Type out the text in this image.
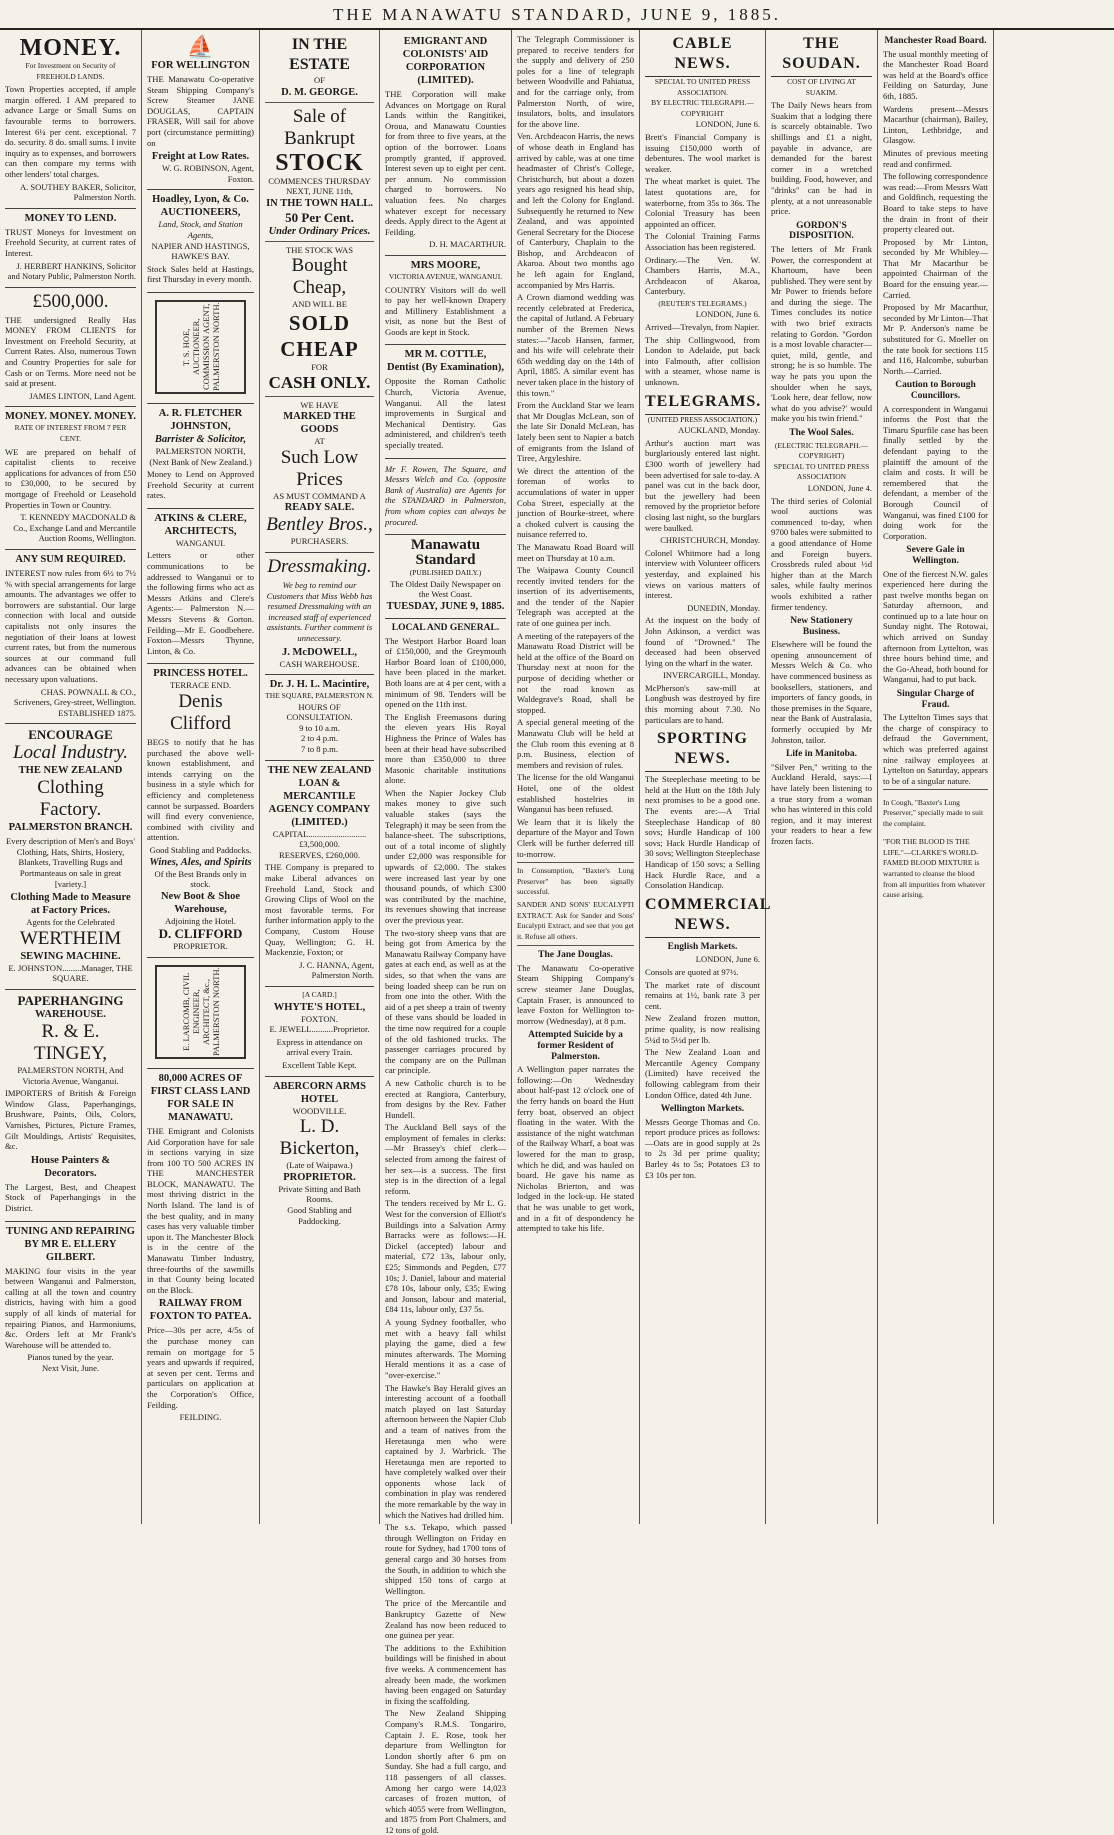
THE MANAWATU STANDARD, JUNE 9, 1885.
MONEY.
For Investment on Security of FREEHOLD LANDS.

Town Properties accepted, if ample margin offered. I AM prepared to advance Large or Small Sums on favourable terms to borrowers. Interest 6¼ per cent. exceptional. 7 do. security. 8 do. small sums. I invite inquiry as to expenses, and borrowers can then compare my terms with other lenders' total charges.

A. SOUTHEY BAKER, Solicitor, Palmerston North.
MONEY TO LEND.

TRUST Moneys for Investment on Freehold Security, at current rates of Interest.

J. HERBERT HANKINS, Solicitor and Notary Public, Palmerston North.
£500,000.

THE undersigned Really Has MONEY FROM CLIENTS for Investment on Freehold Security, at Current Rates. Also, numerous Town and Country Properties for sale for Cash or on Terms. More need not be said at present.

JAMES LINTON, Land Agent.
MONEY. MONEY. MONEY.
RATE OF INTEREST FROM 7 PER CENT.

WE are prepared on behalf of capitalist clients to receive applications for advances of from £50 to £30,000, to be secured by mortgage of Freehold or Leasehold Properties in Town or Country.

T. KENNEDY MACDONALD & Co., Exchange Land and Mercantile Auction Rooms, Wellington.
ANY SUM REQUIRED.

INTEREST now rules from 6½ to 7½ % with special arrangements for large amounts. The advantages we offer to borrowers are substantial. Our large connection with local and outside capitalists not only insures the negotiation of their loans at lowest current rates, but from the numerous sources at our command full advances can be obtained when necessary upon valuations.

CHAS. POWNALL & CO., Scriveners, Grey-street, Wellington. ESTABLISHED 1875.
ENCOURAGE
Local Industry.
THE NEW ZEALAND
Clothing Factory.
PALMERSTON BRANCH.

Every description of Men's and Boys' Clothing, Hats, Shirts, Hosiery, Blankets, Travelling Rugs and Portmanteaus on sale in great [variety.]

Clothing Made to Measure at Factory Prices.
Agents for the Celebrated
WERTHEIM
SEWING MACHINE.
E. JOHNSTON.........Manager, THE SQUARE.
PAPERHANGING
WAREHOUSE.
R. & E. TINGEY,
PALMERSTON NORTH, And Victoria Avenue, Wanganui.

IMPORTERS of British & Foreign Window Glass, Paperhangings, Brushware, Paints, Oils, Colors, Varnishes, Pictures, Picture Frames, Gilt Mouldings, Artists' Requisites, &c.

House Painters & Decorators.

The Largest, Best, and Cheapest Stock of Paperhangings in the District.

TUNING AND REPAIRING
BY MR E. ELLERY GILBERT.

MAKING four visits in the year between Wanganui and Palmerston, calling at all the town and country districts, having with him a good supply of all kinds of material for repairing Pianos, and Harmoniums, &c. Orders left at Mr Frank's Warehouse will be attended to.

Pianos tuned by the year.
Next Visit, June.
⛵
FOR WELLINGTON

THE Manawatu Co-operative Steam Shipping Company's Screw Steamer JANE DOUGLAS, CAPTAIN FRASER, Will sail for above port (circumstance permitting) on

Freight at Low Rates.
W. G. ROBINSON, Agent, Foxton.
Hoadley, Lyon, & Co.
AUCTIONEERS,
Land, Stock, and Station Agents,
NAPIER AND HASTINGS, HAWKE'S BAY.

Stock Sales held at Hastings, first Thursday in every month.

T. S. HOE, AUCTIONEER, COMMISSION AGENT, PALMERSTON NORTH.
A. R. FLETCHER JOHNSTON,
Barrister & Solicitor,
PALMERSTON NORTH, (Next Bank of New Zealand.)

Money to Lend on Approved Freehold Security at current rates.

ATKINS & CLERE,
ARCHITECTS,
WANGANUI.

Letters or other communications to be addressed to Wanganui or to the following firms who act as Messrs Atkins and Clere's Agents:— Palmerston N.—Messrs Stevens & Gorton. Feilding—Mr E. Goodbehere. Foxton—Messrs Thynne, Linton, & Co.

PRINCESS HOTEL.
TERRACE END.
Denis Clifford

BEGS to notify that he has purchased the above well-known establishment, and intends carrying on the business in a style which for efficiency and completeness cannot be surpassed. Boarders will find every convenience, combined with civility and attention.

Good Stabling and Paddocks.
Wines, Ales, and Spirits
Of the Best Brands only in stock.
New Boot & Shoe Warehouse,
Adjoining the Hotel.
D. CLIFFORD
PROPRIETOR.
E. LARCOMB, CIVIL ENGINEER, ARCHITECT, &c., PALMERSTON NORTH.
80,000 ACRES OF FIRST CLASS LAND FOR SALE IN MANAWATU.

THE Emigrant and Colonists Aid Corporation have for sale in sections varying in size from 100 TO 500 ACRES IN THE MANCHESTER BLOCK, MANAWATU. The most thriving district in the North Island. The land is of the best quality, and in many cases has very valuable timber upon it. The Manchester Block is in the centre of the Manawatu Timber Industry, three-fourths of the sawmills in that County being located on the Block.

RAILWAY FROM FOXTON TO PATEA.

Price—30s per acre, 4/5s of the purchase money can remain on mortgage for 5 years and upwards if required, at seven per cent. Terms and particulars on application at the Corporation's Office, Feilding.

FEILDING.
IN THE ESTATE
OF
D. M. GEORGE.
Sale of Bankrupt
STOCK
COMMENCES THURSDAY NEXT, JUNE 11th,
IN THE TOWN HALL.
50 Per Cent.
Under Ordinary Prices.
THE STOCK WAS
Bought Cheap,
AND WILL BE
SOLD CHEAP
FOR
CASH ONLY.
WE HAVE
MARKED THE GOODS
AT
Such Low Prices
AS MUST COMMAND A
READY SALE.
Bentley Bros.,
PURCHASERS.
Dressmaking.

We beg to remind our Customers that Miss Webb has resumed Dressmaking with an increased staff of experienced assistants. Further comment is unnecessary.

J. McDOWELL,
CASH WAREHOUSE.
Dr. J. H. L. Macintire,
THE SQUARE, PALMERSTON N.
HOURS OF CONSULTATION.
9 to 10 a.m.
2 to 4 p.m.
7 to 8 p.m.
THE NEW ZEALAND LOAN & MERCANTILE AGENCY COMPANY (LIMITED.)
CAPITAL...........................£3,500,000.
RESERVES, £260,000.

THE Company is prepared to make Liberal advances on Freehold Land, Stock and Growing Clips of Wool on the most favorable terms. For further information apply to the Company, Custom House Quay, Wellington; G. H. Mackenzie, Foxton; or

J. C. HANNA, Agent, Palmerston North.
[A CARD.]
WHYTE'S HOTEL,
FOXTON.
E. JEWELL..........Proprietor.

Express in attendance on arrival every Train.

Excellent Table Kept.
ABERCORN ARMS HOTEL
WOODVILLE.
L. D. Bickerton,
(Late of Waipawa.)
PROPRIETOR.
Private Sitting and Bath Rooms.
Good Stabling and Paddocking.
EMIGRANT AND COLONISTS' AID CORPORATION (LIMITED).

THE Corporation will make Advances on Mortgage on Rural Lands within the Rangitikei, Oroua, and Manawatu Counties for from three to five years, at the option of the borrower. Loans promptly granted, if approved. Interest seven up to eight per cent. per annum. No commission charged to borrowers. No valuation fees. No charges whatever except for necessary deeds. Apply direct to the Agent at Feilding.

D. H. MACARTHUR.
MRS MOORE,
VICTORIA AVENUE, WANGANUI.

COUNTRY Visitors will do well to pay her well-known Drapery and Millinery Establishment a visit, as none but the Best of Goods are kept in Stock.

MR M. COTTLE,
Dentist (By Examination),

Opposite the Roman Catholic Church, Victoria Avenue, Wanganui. All the latest improvements in Surgical and Mechanical Dentistry. Gas administered, and children's teeth specially treated.

Mr F. Rowen, The Square, and Messrs Welch and Co. (opposite Bank of Australia) are Agents for the STANDARD in Palmerston, from whom copies can always be procured.

Manawatu Standard
(PUBLISHED DAILY.)
The Oldest Daily Newspaper on the West Coast.
TUESDAY, JUNE 9, 1885.
LOCAL AND GENERAL.

The Westport Harbor Board loan of £150,000, and the Greymouth Harbor Board loan of £100,000, have been placed in the market. Both loans are at 4 per cent, with a minimum of 98. Tenders will be opened on the 11th inst.

The English Freemasons during the eleven years His Royal Highness the Prince of Wales has been at their head have subscribed more than £350,000 to three Masonic charitable institutions alone.

When the Napier Jockey Club makes money to give such valuable stakes (says the Telegraph) it may be seen from the balance-sheet. The subscriptions, out of a total income of slightly under £2,000 was responsible for upwards of £2,000. The stakes were increased last year by one thousand pounds, of which £300 was contributed by the machine, its revenues showing that increase over the previous year.

The two-story sheep vans that are being got from America by the Manawatu Railway Company have gates at each end, as well as at the sides, so that when the vans are being loaded sheep can be run on from one into the other. With the aid of a pet sheep a train of twenty of these vans should be loaded in the time now required for a couple of the old fashioned trucks. The passenger carriages procured by the company are on the Pullman car principle.

A new Catholic church is to be erected at Rangiora, Canterbury, from designs by the Rev. Father Hundell.

The Auckland Bell says of the employment of females in clerks:—Mr Brassey's chief clerk—selected from among the fairest of her sex—is a success. The first step is in the direction of a legal reform.

The tenders received by Mr L. G. West for the conversion of Elliott's Buildings into a Salvation Army Barracks were as follows:—H. Dickel (accepted) labour and material, £72 13s, labour only, £25; Simmonds and Pegden, £77 10s; J. Daniel, labour and material £78 10s, labour only, £35; Ewing and Jonson, labour and material, £84 11s, labour only, £37 5s.

A young Sydney footballer, who met with a heavy fall whilst playing the game, died a few minutes afterwards. The Morning Herald mentions it as a case of "over-exercise."

The Hawke's Bay Herald gives an interesting account of a football match played on last Saturday afternoon between the Napier Club and a team of natives from the Heretaunga men who were captained by J. Warbrick. The Heretaunga men are reported to have completely walked over their opponents whose lack of combination in play was rendered the more remarkable by the way in which the Natives had drilled him.

The s.s. Tekapo, which passed through Wellington on Friday en route for Sydney, had 1700 tons of general cargo and 30 horses from the South, in addition to which she shipped 150 tons of cargo at Wellington.

The price of the Mercantile and Bankruptcy Gazette of New Zealand has now been reduced to one guinea per year.

The additions to the Exhibition buildings will be finished in about five weeks. A commencement has already been made, the workmen having been engaged on Saturday in fixing the scaffolding.

The New Zealand Shipping Company's R.M.S. Tongariro, Captain J. E. Rose, took her departure from Wellington for London shortly after 6 pm on Sunday. She had a full cargo, and 118 passengers of all classes. Among her cargo were 14,023 carcases of frozen mutton, of which 4055 were from Wellington, and 1875 from Port Chalmers, and 12 tons of gold.

The Telegraph Commissioner is prepared to receive tenders for the supply and delivery of 250 poles for a line of telegraph between Woodville and Pahiatua, and for the carriage only, from Palmerston North, of wire, insulators, bolts, and insulators for the above line.

Ven. Archdeacon Harris, the news of whose death in England has arrived by cable, was at one time headmaster of Christ's College, Christchurch, but about a dozen years ago resigned his head ship, and left the Colony for England. Subsequently he returned to New Zealand, and was appointed General Secretary for the Diocese of Canterbury, Chaplain to the Bishop, and Archdeacon of Akaroa. About two months ago he left again for England, accompanied by Mrs Harris.

A Crown diamond wedding was recently celebrated at Frederica, the capital of Jutland. A February number of the Bremen News states:—"Jacob Hansen, farmer, and his wife will celebrate their 65th wedding day on the 14th of April, 1885. A similar event has never taken place in the history of this town."

From the Auckland Star we learn that Mr Douglas McLean, son of the late Sir Donald McLean, has lately been sent to Napier a batch of emigrants from the Island of Tiree, Argyleshire.

We direct the attention of the foreman of works to accumulations of water in upper Coba Street, especially at the junction of Bourke-street, where a choked culvert is causing the nuisance referred to.

The Manawatu Road Board will meet on Thursday at 10 a.m.

The Waipawa County Council recently invited tenders for the insertion of its advertisements, and the tender of the Napier Telegraph was accepted at the rate of one guinea per inch.

A meeting of the ratepayers of the Manawatu Road District will be held at the office of the Board on Thursday next at noon for the purpose of deciding whether or not the road known as Waldegrave's Road, shall be stopped.

A special general meeting of the Manawatu Club will be held at the Club room this evening at 8 p.m. Business, election of members and revision of rules.

The license for the old Wanganui Hotel, one of the oldest established hostelries in Wanganui has been refused.

We learn that it is likely the departure of the Mayor and Town Clerk will be further deferred till to-morrow.

In Consumption, "Baxter's Lung Preserver" has been signally successful.

SANDER AND SONS' EUCALYPTI EXTRACT. Ask for Sander and Sons' Eucalypti Extract, and see that you get it. Refuse all others.

The Jane Douglas.

The Manawatu Co-operative Steam Shipping Company's screw steamer Jane Douglas, Captain Fraser, is announced to leave Foxton for Wellington to-morrow (Wednesday), at 8 p.m.

Attempted Suicide by a former Resident of Palmerston.

A Wellington paper narrates the following:—On Wednesday about half-past 12 o'clock one of the ferry hands on board the Hutt ferry boat, observed an object floating in the water. With the assistance of the night watchman of the Railway Wharf, a boat was lowered for the man to grasp, which he did, and was hauled on board. He gave his name as Nicholas Brierton, and was lodged in the lock-up. He stated that he was unable to get work, and in a fit of despondency he attempted to take his life.

CABLE NEWS.
SPECIAL TO UNITED PRESS ASSOCIATION.
BY ELECTRIC TELEGRAPH.—COPYRIGHT
LONDON, June 6.

Brett's Financial Company is issuing £150,000 worth of debentures. The wool market is weaker.

The wheat market is quiet. The latest quotations are, for waterborne, from 35s to 36s. The Colonial Treasury has been appointed an officer.

The Colonial Training Farms Association has been registered.

Ordinary.—The Ven. W. Chambers Harris, M.A., Archdeacon of Akaroa, Canterbury.

(REUTER'S TELEGRAMS.)
LONDON, June 6.

Arrived—Trevalyn, from Napier.

The ship Collingwood, from London to Adelaide, put back into Falmouth, after collision with a steamer, whose name is unknown.

TELEGRAMS.
(UNITED PRESS ASSOCIATION.)
AUCKLAND, Monday.

Arthur's auction mart was burglariously entered last night. £300 worth of jewellery had been advertised for sale to-day. A panel was cut in the back door, but the jewellery had been removed by the proprietor before closing last night, so the burglars were baulked.

CHRISTCHURCH, Monday.

Colonel Whitmore had a long interview with Volunteer officers yesterday, and explained his views on various matters of interest.

DUNEDIN, Monday.

At the inquest on the body of John Atkinson, a verdict was found of "Drowned." The deceased had been observed lying on the wharf in the water.

INVERCARGILL, Monday.

McPherson's saw-mill at Longbush was destroyed by fire this morning about 7.30. No particulars are to hand.

SPORTING NEWS.

The Steeplechase meeting to be held at the Hutt on the 18th July next promises to be a good one. The events are:—A Trial Steeplechase Handicap of 80 sovs; Hurdle Handicap of 100 sovs; Hack Hurdle Handicap of 30 sovs; Wellington Steeplechase Handicap of 150 sovs; a Selling Hack Hurdle Race, and a Consolation Handicap.

COMMERCIAL NEWS.
English Markets.
LONDON, June 6.

Consols are quoted at 97½.

The market rate of discount remains at 1½, bank rate 3 per cent.

New Zealand frozen mutton, prime quality, is now realising 5¼d to 5½d per lb.

The New Zealand Loan and Mercantile Agency Company (Limited) have received the following cablegram from their London Office, dated 4th June.

Wellington Markets.

Messrs George Thomas and Co. report produce prices as follows:—Oats are in good supply at 2s to 2s 3d per prime quality; Barley 4s to 5s; Potatoes £3 to £3 10s per ton.

THE SOUDAN.
COST OF LIVING AT SUAKIM.

The Daily News hears from Suakim that a lodging there is scarcely obtainable. Two shillings and £1 a night, payable in advance, are demanded for the barest corner in a wretched building. Food, however, and "drinks" can be had in plenty, at a not unreasonable price.

GORDON'S DISPOSITION.

The letters of Mr Frank Power, the correspondent at Khartoum, have been published. They were sent by Mr Power to friends before and during the siege. The Times concludes its notice with two brief extracts relating to Gordon. "Gordon is a most lovable character—quiet, mild, gentle, and strong; he is so humble. The way he pats you upon the shoulder when he says, 'Look here, dear fellow, now what do you advise?' would make you his twin friend."

The Wool Sales.
(ELECTRIC TELEGRAPH.—COPYRIGHT)
SPECIAL TO UNITED PRESS ASSOCIATION
LONDON, June 4.

The third series of Colonial wool auctions was commenced to-day, when 9700 bales were submitted to a good attendance of Home and Foreign buyers. Crossbreds ruled about ½d higher than at the March sales, while faulty merinos wools exhibited a rather firmer tendency.

New Stationery Business.

Elsewhere will be found the opening announcement of Messrs Welch & Co. who have commenced business as booksellers, stationers, and importers of fancy goods, in those premises in the Square, near the Bank of Australasia, formerly occupied by Mr Johnston, tailor.

Life in Manitoba.

"Silver Pen," writing to the Auckland Herald, says:—I have lately been listening to a true story from a woman who has wintered in this cold region, and it may interest your readers to hear a few frozen facts.

Manchester Road Board.

The usual monthly meeting of the Manchester Road Board was held at the Board's office Feilding on Saturday, June 6th, 1885.

Wardens present—Messrs Macarthur (chairman), Bailey, Linton, Lethbridge, and Glasgow.

Minutes of previous meeting read and confirmed.

The following correspondence was read:—From Messrs Watt and Goldfinch, requesting the Board to take steps to have the drain in front of their property cleared out.

Proposed by Mr Linton, seconded by Mr Whibley—That Mr Macarthur be appointed Chairman of the Board for the ensuing year.—Carried.

Proposed by Mr Macarthur, seconded by Mr Linton—That Mr P. Anderson's name be substituted for G. Moeller on the rate book for sections 115 and 116, Halcombe, suburban North.—Carried.

Caution to Borough Councillors.

A correspondent in Wanganui informs the Post that the Timaru Spurfile case has been finally settled by the defendant paying to the plaintiff the amount of the claim and costs. It will be remembered that the defendant, a member of the Borough Council of Wanganui, was fined £100 for doing work for the Corporation.

Severe Gale in Wellington.

One of the fiercest N.W. gales experienced here during the past twelve months began on Saturday afternoon, and continued up to a late hour on Sunday night. The Rotowai, which arrived on Sunday afternoon from Lyttelton, was three hours behind time, and the Go-Ahead, both bound for Wanganui, had to put back.

Singular Charge of Fraud.

The Lyttelton Times says that the charge of conspiracy to defraud the Government, which was preferred against nine railway employees at Lyttelton on Saturday, appears to be of a singular nature.

In Cough, "Baxter's Lung Preserver," specially made to suit the complaint.

"FOR THE BLOOD IS THE LIFE."—CLARKE'S WORLD-FAMED BLOOD MIXTURE is warranted to cleanse the blood from all impurities from whatever cause arising.
